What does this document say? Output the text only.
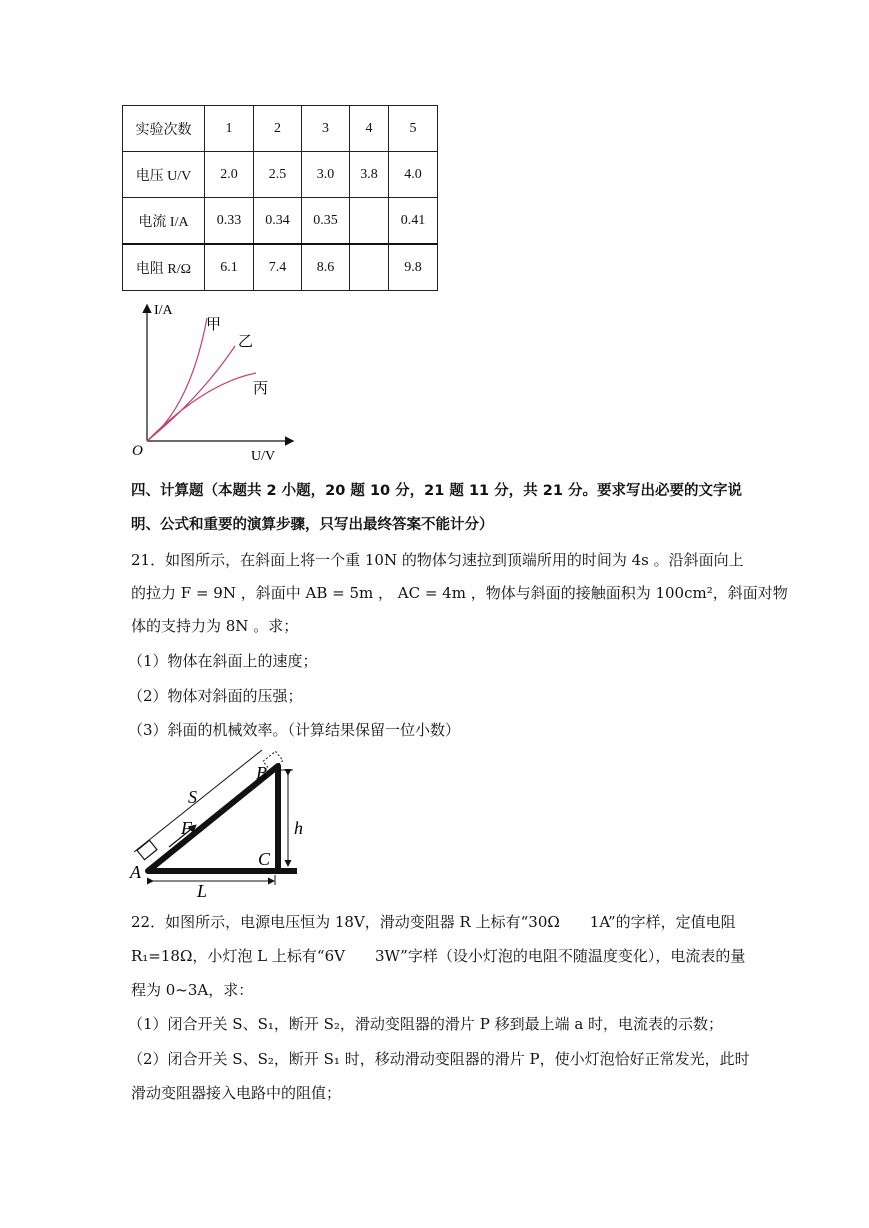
实验次数	1	2	3	4	5
电压 U/V	2.0	2.5	3.0	3.8	4.0
电流 I/A	0.33	0.34	0.35		0.41
电阻 R/Ω	6.1	7.4	8.6		9.8
I/A
U/V
O
甲
乙
丙
四、计算题（本题共 2 小题，20 题 10 分，21 题 11 分，共 21 分。要求写出必要的文字说
明、公式和重要的演算步骤，只写出最终答案不能计分）
21．如图所示，在斜面上将一个重 10N 的物体匀速拉到顶端所用的时间为 4s 。沿斜面向上
的拉力 F = 9N ，斜面中 AB = 5m ， AC = 4m ，物体与斜面的接触面积为 100cm²，斜面对物
体的支持力为 8N 。求；
（1）物体在斜面上的速度；
（2）物体对斜面的压强；
（3）斜面的机械效率。（计算结果保留一位小数）
S
F
B
h
C
A
L
22．如图所示，电源电压恒为 18V，滑动变阻器 R 上标有“30Ω　　1A”的字样，定值电阻
R₁=18Ω，小灯泡 L 上标有“6V　　3W”字样（设小灯泡的电阻不随温度变化），电流表的量
程为 0~3A，求：
（1）闭合开关 S、S₁，断开 S₂，滑动变阻器的滑片 P 移到最上端 a 时，电流表的示数；
（2）闭合开关 S、S₂，断开 S₁ 时，移动滑动变阻器的滑片 P，使小灯泡恰好正常发光，此时
滑动变阻器接入电路中的阻值；
